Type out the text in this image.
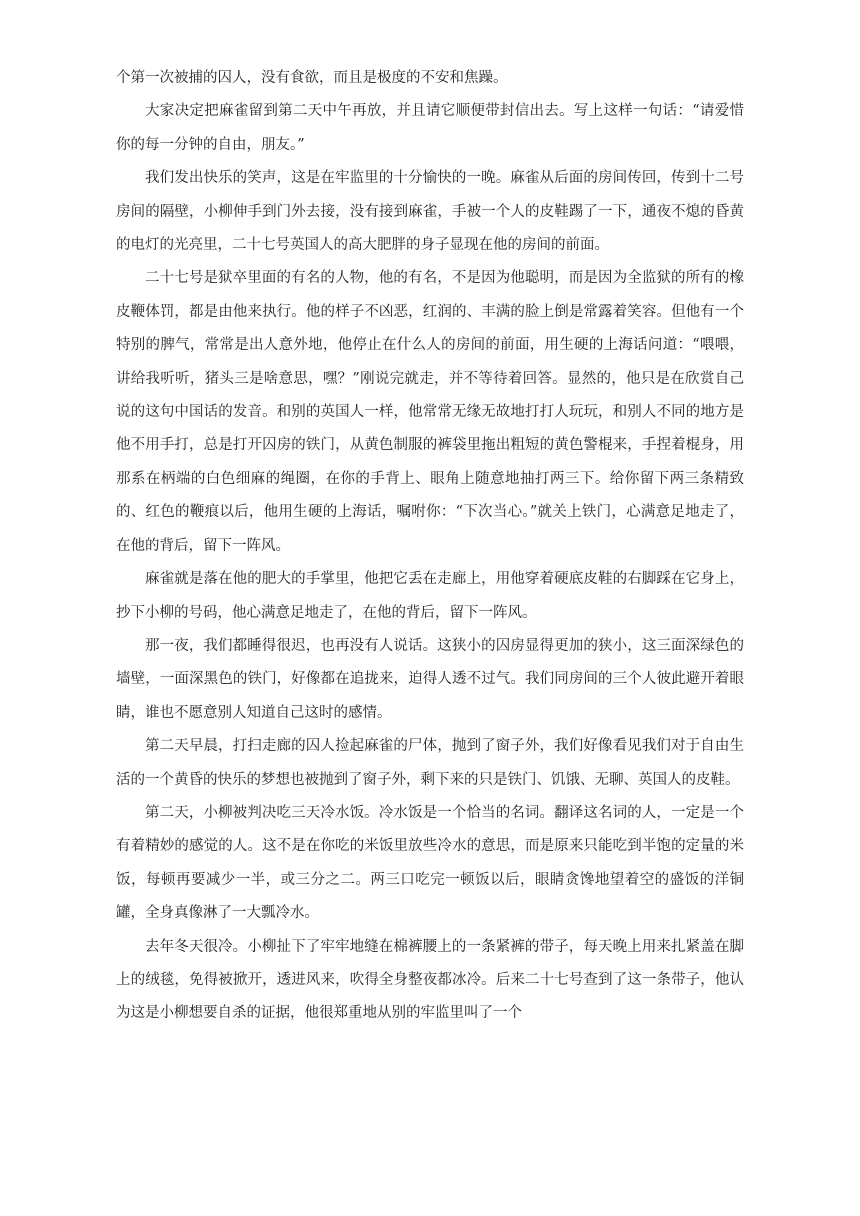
个第一次被捕的囚人，没有食欲，而且是极度的不安和焦躁。

大家决定把麻雀留到第二天中午再放，并且请它顺便带封信出去。写上这样一句话：“请爱惜你的每一分钟的自由，朋友。”

我们发出快乐的笑声，这是在牢监里的十分愉快的一晚。麻雀从后面的房间传回，传到十二号房间的隔壁，小柳伸手到门外去接，没有接到麻雀，手被一个人的皮鞋踢了一下，通夜不熄的昏黄的电灯的光亮里，二十七号英国人的高大肥胖的身子显现在他的房间的前面。

二十七号是狱卒里面的有名的人物，他的有名，不是因为他聪明，而是因为全监狱的所有的橡皮鞭体罚，都是由他来执行。他的样子不凶恶，红润的、丰满的脸上倒是常露着笑容。但他有一个特别的脾气，常常是出人意外地，他停止在什么人的房间的前面，用生硬的上海话问道：“喂喂，讲给我听听，猪头三是啥意思，嘿？”刚说完就走，并不等待着回答。显然的，他只是在欣赏自己说的这句中国话的发音。和别的英国人一样，他常常无缘无故地打打人玩玩，和别人不同的地方是他不用手打，总是打开囚房的铁门，从黄色制服的裤袋里拖出粗短的黄色警棍来，手捏着棍身，用那系在柄端的白色细麻的绳圈，在你的手背上、眼角上随意地抽打两三下。给你留下两三条精致的、红色的鞭痕以后，他用生硬的上海话，嘱咐你：“下次当心。”就关上铁门，心满意足地走了，在他的背后，留下一阵风。

麻雀就是落在他的肥大的手掌里，他把它丢在走廊上，用他穿着硬底皮鞋的右脚踩在它身上，抄下小柳的号码，他心满意足地走了，在他的背后，留下一阵风。

那一夜，我们都睡得很迟，也再没有人说话。这狭小的囚房显得更加的狭小，这三面深绿色的墙壁，一面深黑色的铁门，好像都在追拢来，迫得人透不过气。我们同房间的三个人彼此避开着眼睛，谁也不愿意别人知道自己这时的感情。

第二天早晨，打扫走廊的囚人捡起麻雀的尸体，抛到了窗子外，我们好像看见我们对于自由生活的一个黄昏的快乐的梦想也被抛到了窗子外，剩下来的只是铁门、饥饿、无聊、英国人的皮鞋。

第二天，小柳被判决吃三天冷水饭。冷水饭是一个恰当的名词。翻译这名词的人，一定是一个有着精妙的感觉的人。这不是在你吃的米饭里放些冷水的意思，而是原来只能吃到半饱的定量的米饭，每顿再要减少一半，或三分之二。两三口吃完一顿饭以后，眼睛贪馋地望着空的盛饭的洋铜罐，全身真像淋了一大瓢冷水。

去年冬天很冷。小柳扯下了牢牢地缝在棉裤腰上的一条紧裤的带子，每天晚上用来扎紧盖在脚上的绒毯，免得被掀开，透进风来，吹得全身整夜都冰冷。后来二十七号查到了这一条带子，他认为这是小柳想要自杀的证据，他很郑重地从别的牢监里叫了一个
